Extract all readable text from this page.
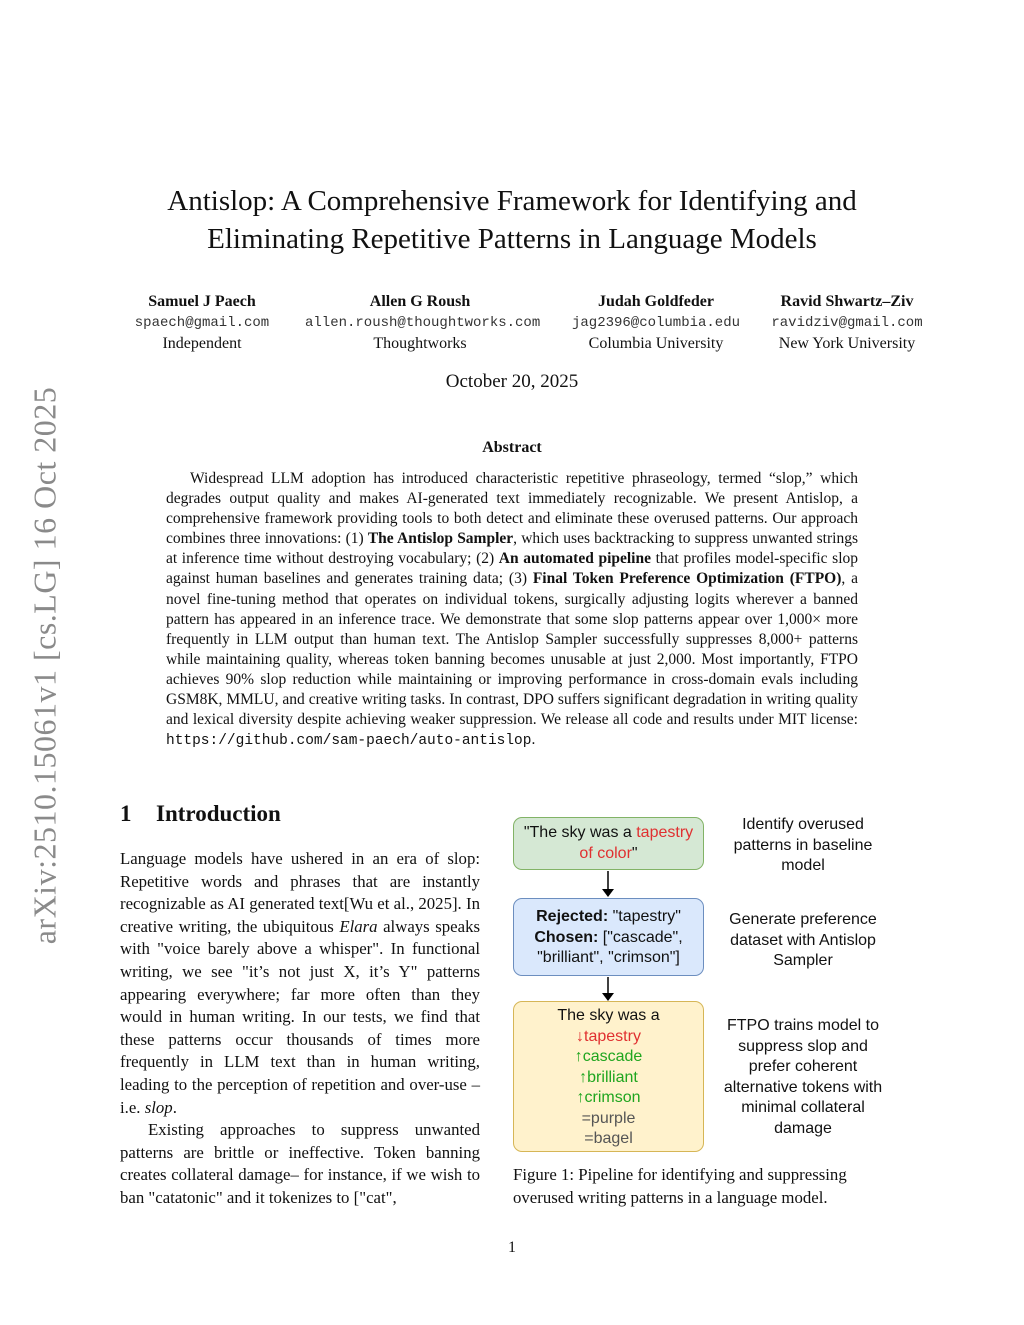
arXiv:2510.15061v1 [cs.LG] 16 Oct 2025
Antislop: A Comprehensive Framework for Identifying and
Eliminating Repetitive Patterns in Language Models
Samuel J Paech
spaech@gmail.com
Independent
Allen G Roush
allen.roush@thoughtworks.com
Thoughtworks
Judah Goldfeder
jag2396@columbia.edu
Columbia University
Ravid Shwartz–Ziv
ravidziv@gmail.com
New York University
October 20, 2025
Abstract

Widespread LLM adoption has introduced characteristic repetitive phraseology, termed “slop,” which degrades output quality and makes AI-generated text immediately recognizable. We present Antislop, a comprehensive framework providing tools to both detect and eliminate these overused patterns. Our approach combines three innovations: (1) The Antislop Sampler, which uses backtracking to suppress unwanted strings at inference time without destroying vocabulary; (2) An automated pipeline that profiles model-specific slop against human baselines and generates training data; (3) Final Token Preference Optimization (FTPO), a novel fine-tuning method that operates on individual tokens, surgically adjusting logits wherever a banned pattern has appeared in an inference trace. We demonstrate that some slop patterns appear over 1,000× more frequently in LLM output than human text. The Antislop Sampler successfully suppresses 8,000+ patterns while maintaining quality, whereas token banning becomes unusable at just 2,000. Most importantly, FTPO achieves 90% slop reduction while maintaining or improving performance in cross-domain evals including GSM8K, MMLU, and creative writing tasks. In contrast, DPO suffers significant degradation in writing quality and lexical diversity despite achieving weaker suppression. We release all code and results under MIT license: https://github.com/sam-paech/auto-antislop.

1 Introduction

Language models have ushered in an era of slop: Repetitive words and phrases that are instantly recognizable as AI generated text[Wu et al., 2025]. In creative writing, the ubiquitous Elara always speaks with "voice barely above a whisper". In functional writing, we see "it’s not just X, it’s Y" patterns appearing everywhere; far more often than they would in human writing. In our tests, we find that these patterns occur thousands of times more frequently in LLM text than in human writing, leading to the perception of repetition and over-use – i.e. slop.

Existing approaches to suppress unwanted patterns are brittle or ineffective. Token banning creates collateral damage– for instance, if we wish to ban "catatonic" and it tokenizes to ["cat",

"The sky was a tapestry of color"
Rejected: "tapestry"
Chosen: ["cascade", "brilliant", "crimson"]
The sky was a
↓tapestry
↑cascade
↑brilliant
↑crimson
=purple
=bagel
Identify overused patterns in baseline model
Generate preference dataset with Antislop Sampler
FTPO trains model to suppress slop and prefer coherent alternative tokens with minimal collateral damage
Figure 1: Pipeline for identifying and suppressing overused writing patterns in a language model.
1
